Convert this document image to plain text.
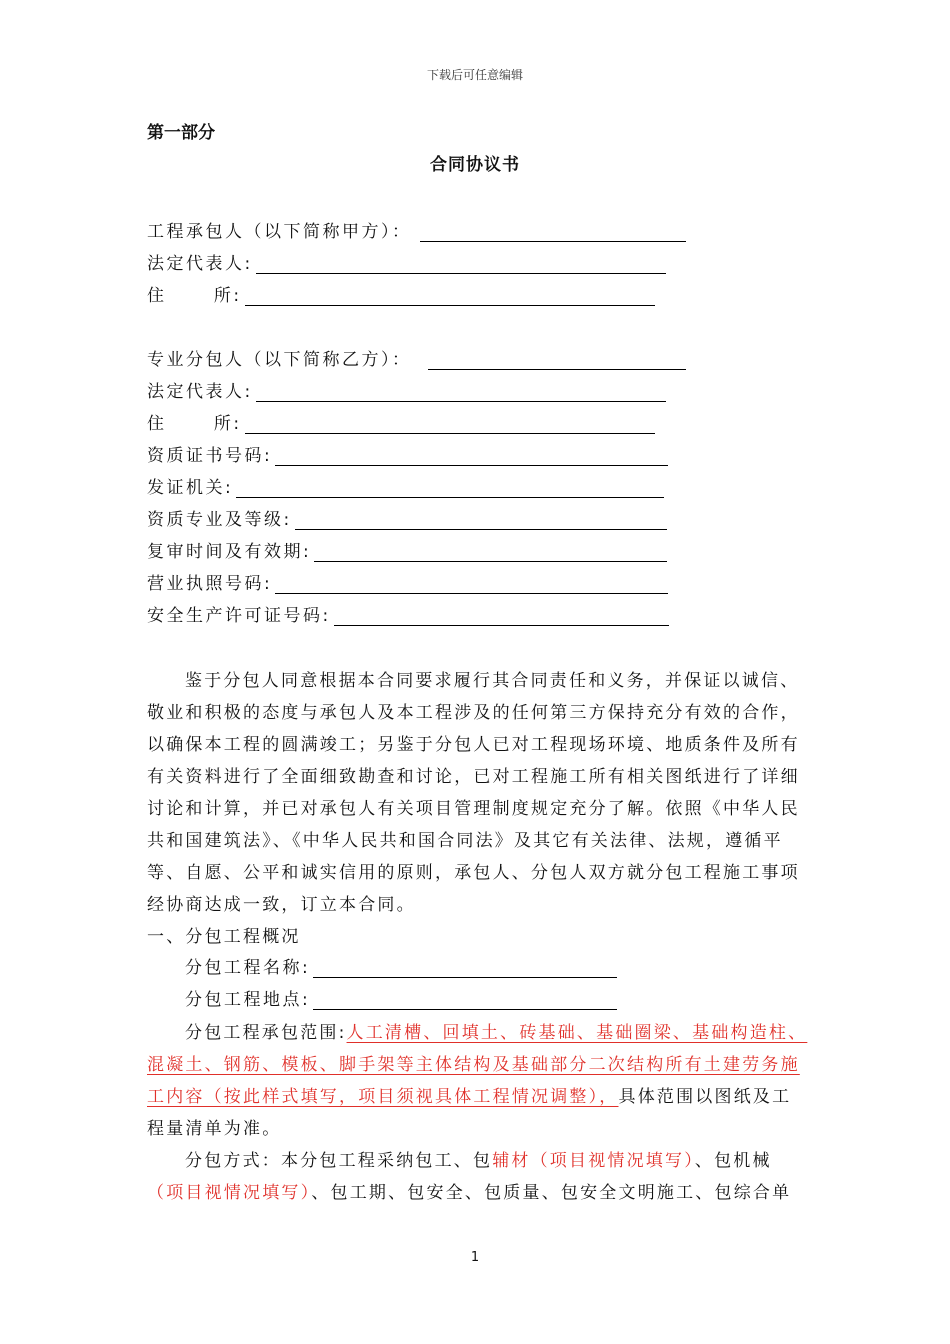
下载后可任意编辑
第一部分
合同协议书
工程承包人（以下简称甲方）：
法定代表人:
住      所:
专业分包人（以下简称乙方）：
法定代表人:
住      所:
资质证书号码:
发证机关:
资质专业及等级:
复审时间及有效期:
营业执照号码:
安全生产许可证号码:
鉴于分包人同意根据本合同要求履行其合同责任和义务，并保证以诚信、
敬业和积极的态度与承包人及本工程涉及的任何第三方保持充分有效的合作，
以确保本工程的圆满竣工；另鉴于分包人已对工程现场环境、地质条件及所有
有关资料进行了全面细致勘查和讨论，已对工程施工所有相关图纸进行了详细
讨论和计算，并已对承包人有关项目管理制度规定充分了解。依照《中华人民
共和国建筑法》、《中华人民共和国合同法》及其它有关法律、法规，遵循平
等、自愿、公平和诚实信用的原则，承包人、分包人双方就分包工程施工事项
经协商达成一致，订立本合同。
一、分包工程概况
分包工程名称:
分包工程地点:
分包工程承包范围:人工清槽、回填土、砖基础、基础圈梁、基础构造柱、
混凝土、钢筋、模板、脚手架等主体结构及基础部分二次结构所有土建劳务施
工内容（按此样式填写，项目须视具体工程情况调整），具体范围以图纸及工
程量清单为准。
分包方式：本分包工程采纳包工、包辅材（项目视情况填写）、包机械
（项目视情况填写）、包工期、包安全、包质量、包安全文明施工、包综合单
1
